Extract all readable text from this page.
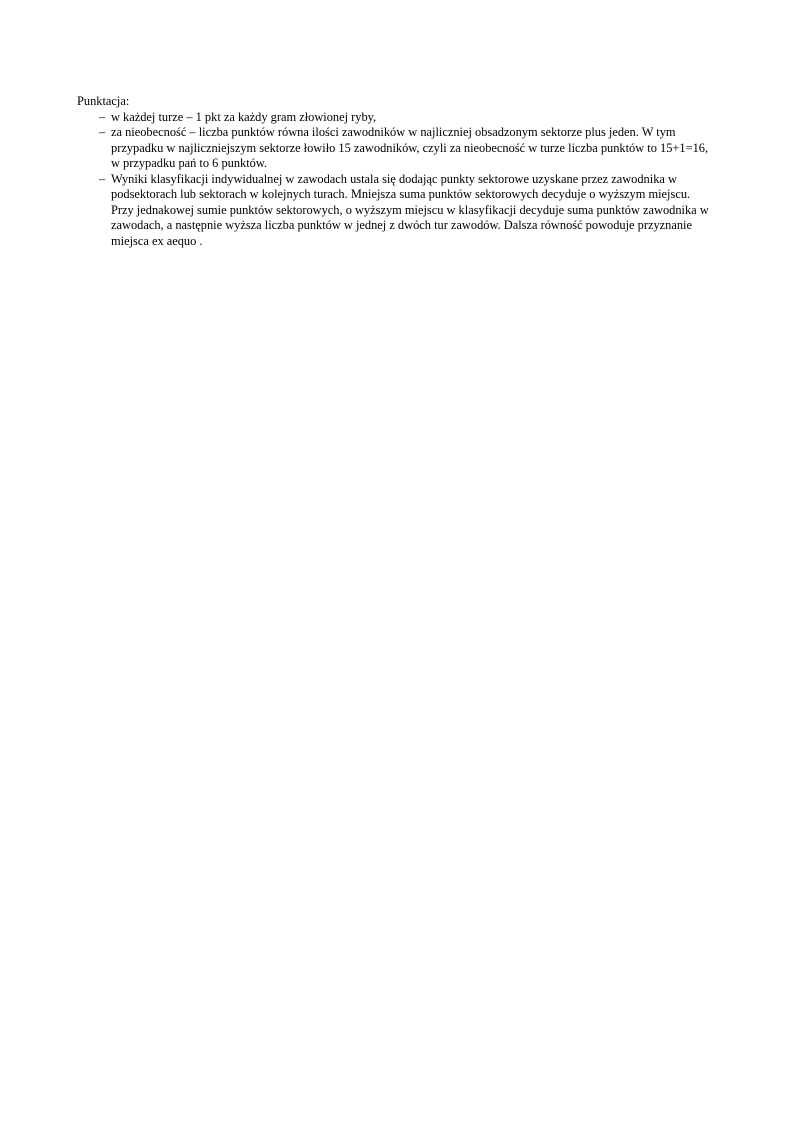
Punktacja:

– w każdej turze – 1 pkt za każdy gram złowionej ryby,
– za nieobecność – liczba punktów równa ilości zawodników w najliczniej obsadzonym sektorze plus jeden. W tym przypadku w najliczniejszym sektorze łowiło 15 zawodników, czyli za nieobecność w turze liczba punktów to 15+1=16, w przypadku pań to 6 punktów.
– Wyniki klasyfikacji indywidualnej w zawodach ustala się dodając punkty sektorowe uzyskane przez zawodnika w podsektorach lub sektorach w kolejnych turach. Mniejsza suma punktów sektorowych decyduje o wyższym miejscu. Przy jednakowej sumie punktów sektorowych, o wyższym miejscu w klasyfikacji decyduje suma punktów zawodnika w zawodach, a następnie wyższa liczba punktów w jednej z dwóch tur zawodów. Dalsza równość powoduje przyznanie miejsca ex aequo .
